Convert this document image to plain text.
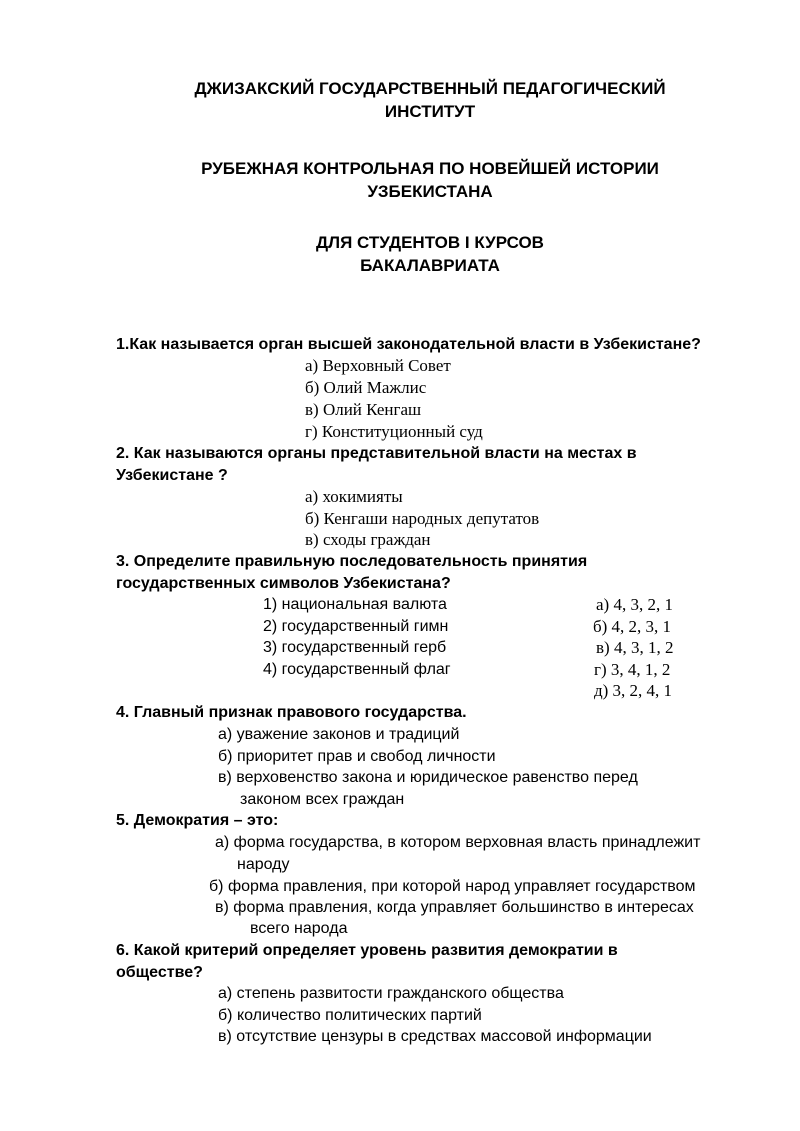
ДЖИЗАКСКИЙ ГОСУДАРСТВЕННЫЙ ПЕДАГОГИЧЕСКИЙ
ИНСТИТУТ
РУБЕЖНАЯ КОНТРОЛЬНАЯ ПО НОВЕЙШЕЙ ИСТОРИИ
УЗБЕКИСТАНА
ДЛЯ СТУДЕНТОВ I КУРСОВ
БАКАЛАВРИАТА

1.Как называется орган высшей законодательной власти в Узбекистане?

а) Верховный Совет
б) Олий Мажлис
в) Олий Кенгаш
г) Конституционный суд

2. Как называются органы представительной власти на местах в
Узбекистане ?

а) хокимияты
б) Кенгаши народных депутатов
в) сходы граждан

3. Определите правильную последовательность принятия
государственных символов Узбекистана?

1) национальная валюта
2) государственный гимн
3) государственный герб
4) государственный флаг
а) 4, 3, 2, 1
б) 4, 2, 3, 1
в) 4, 3, 1, 2
г) 3, 4, 1, 2
д) 3, 2, 4, 1

4. Главный признак правового государства.

а) уважение законов и традиций
б) приоритет прав и свобод личности
в) верховенство закона и юридическое равенство перед
законом всех граждан

5. Демократия – это:

а) форма государства, в котором верховная власть принадлежит
народу
б) форма правления, при которой народ управляет государством
в) форма правления, когда управляет большинство в интересах
всего народа

6. Какой критерий определяет уровень развития демократии в
обществе?

а) степень развитости гражданского общества
б) количество политических партий
в) отсутствие цензуры в средствах массовой информации
